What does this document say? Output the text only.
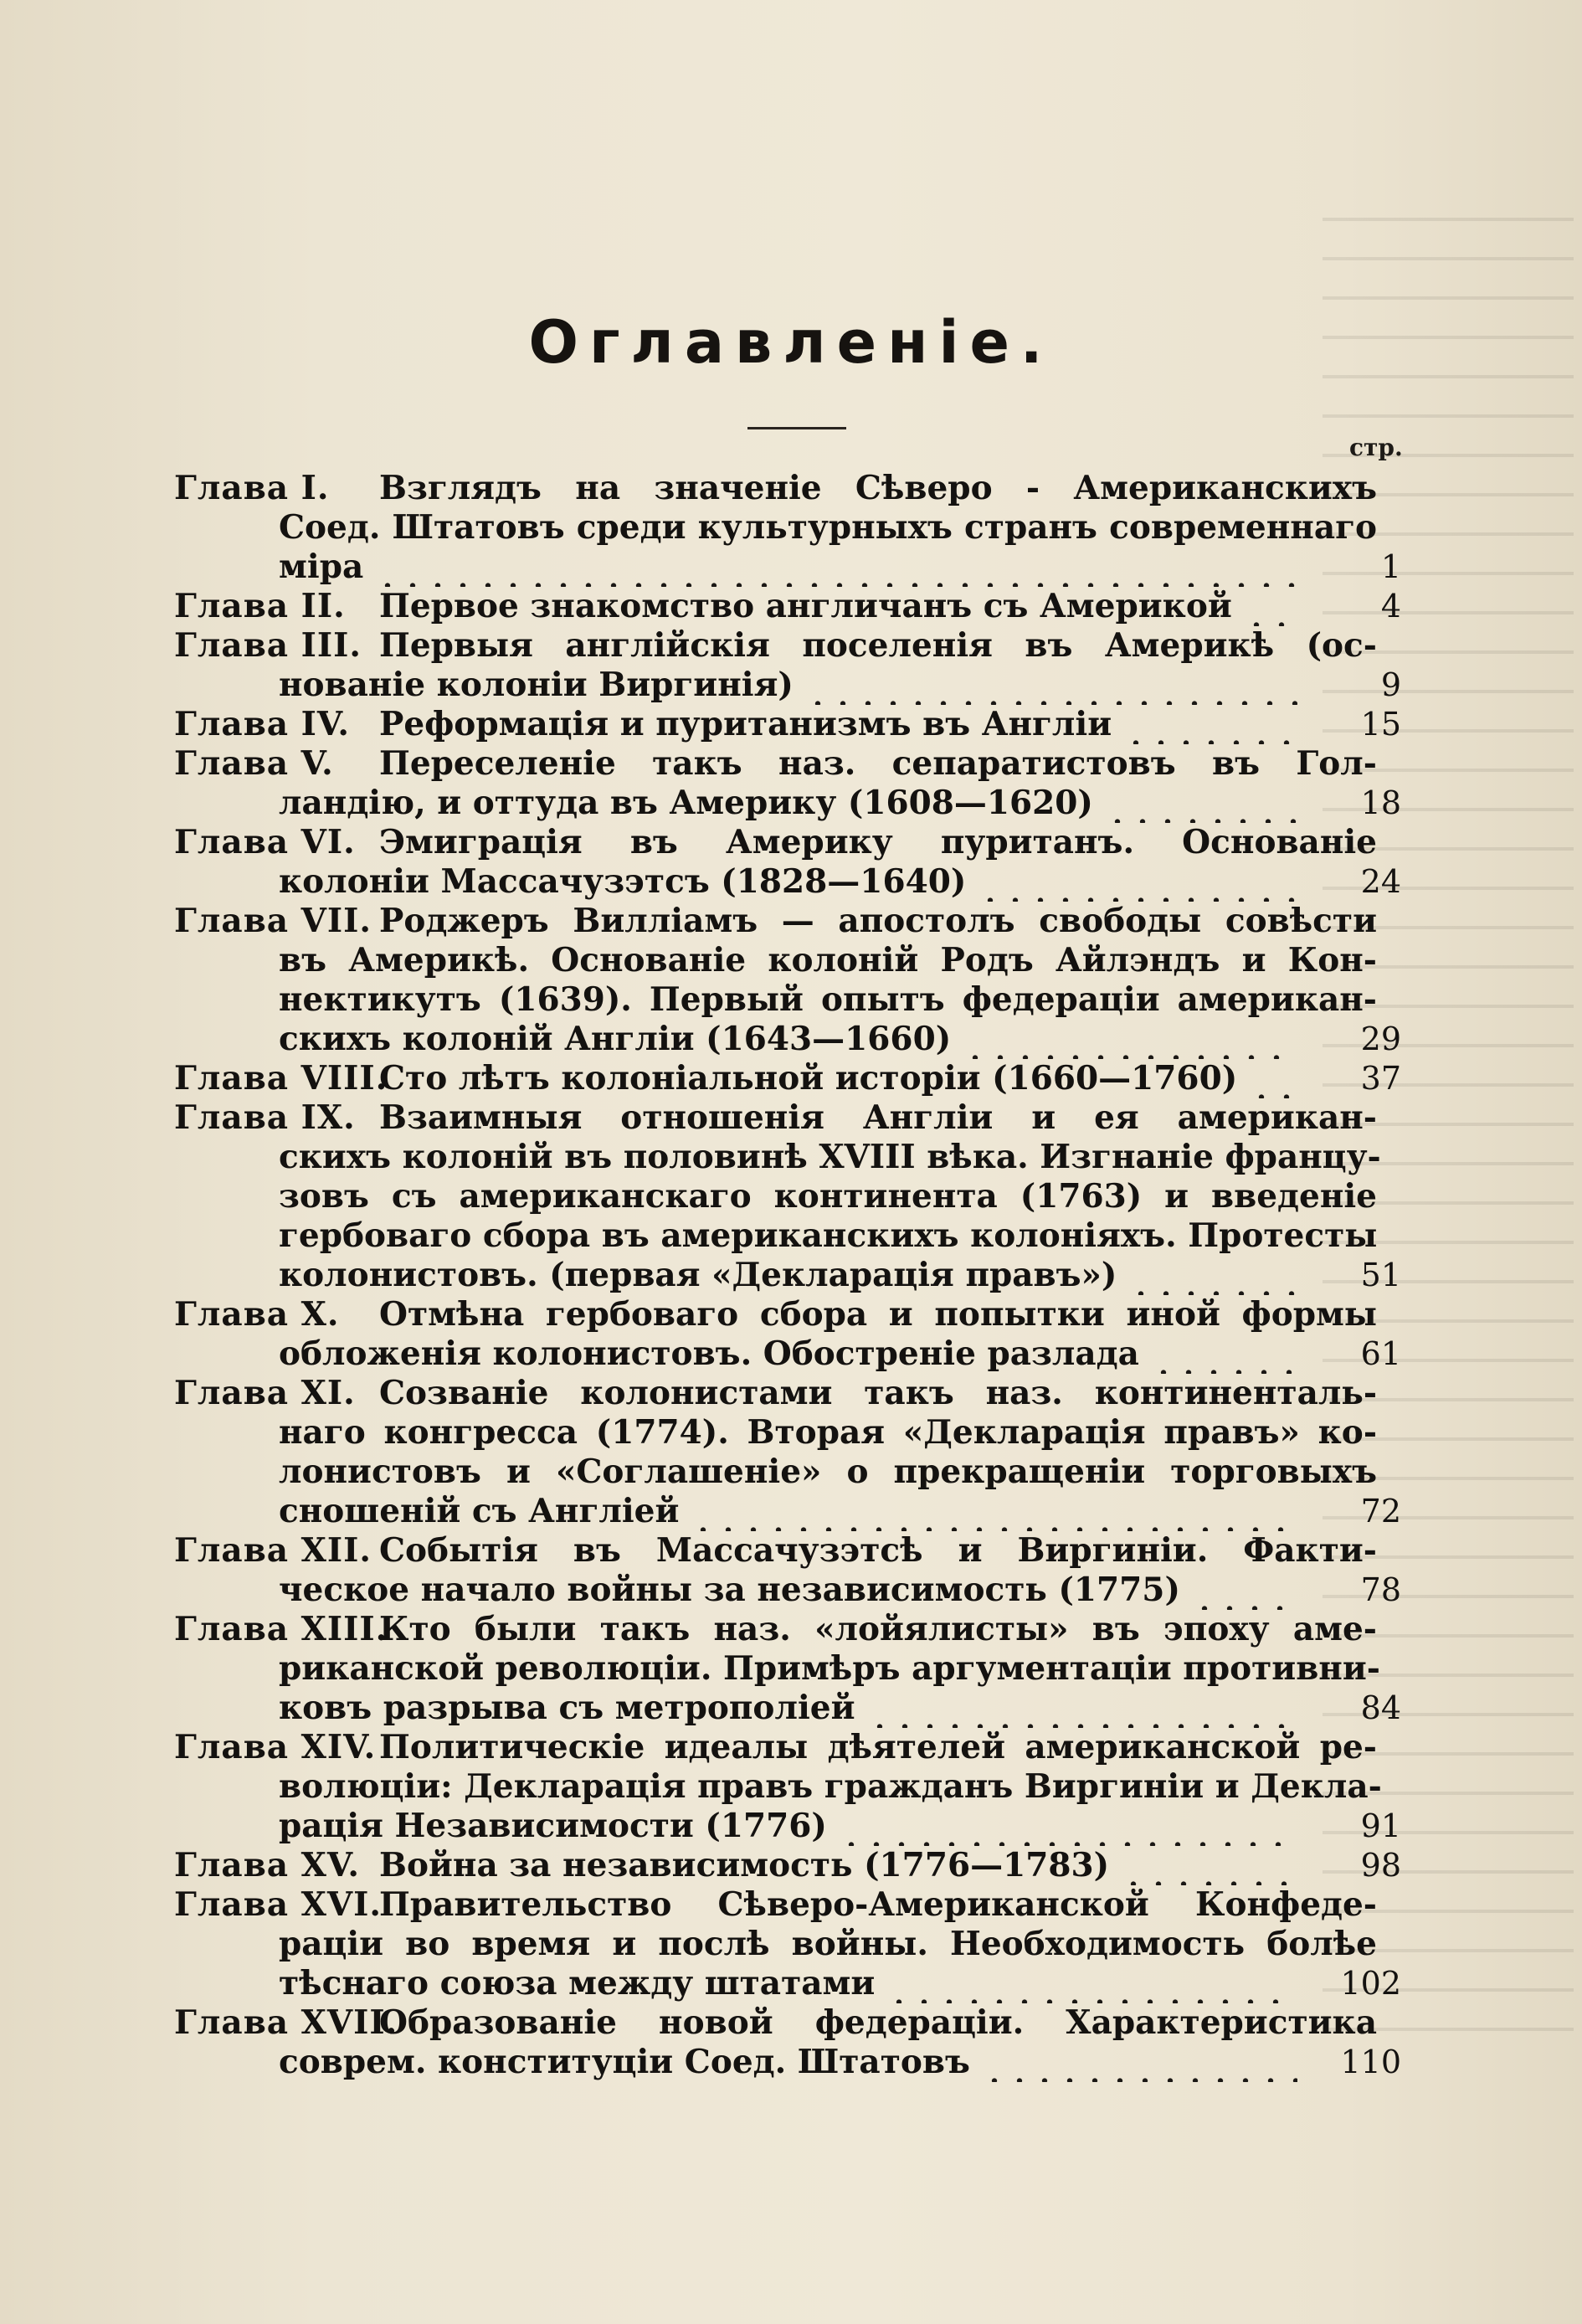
Оглавленіе.
стр.
Глава I. Взглядъ на значеніе Сѣверо - Американскихъ
Соед. Штатовъ среди культурныхъ странъ современнаго
міра	1
Глава II.	Первое знакомство англичанъ съ Америкой	4
Глава III. Первыя англійскія поселенія въ Америкѣ (ос-
нованіе колоніи Виргинія)	9
Глава IV. Реформація и пуританизмъ въ Англіи	15
Глава V. Переселеніе такъ наз. сепаратистовъ въ Гол-
ландію, и оттуда въ Америку (1608—1620)	18
Глава VI. Эмиграція въ Америку пуританъ. Основаніе
колоніи Массачузэтсъ (1828—1640)	24
Глава VII. Роджеръ Вилліамъ — апостолъ свободы совѣсти
въ Америкѣ. Основаніе колоній Родъ Айлэндъ и Кон-
нектикутъ (1639). Первый опытъ федераціи американ-
скихъ колоній Англіи (1643—1660)	29
Глава VIII.
Сто лѣтъ колоніальной исторіи (1660—1760)	37
Глава IX. Взаимныя отношенія Англіи и ея американ-
скихъ колоній въ половинѣ XVIII вѣка. Изгнаніе францу-
зовъ съ американскаго континента (1763) и введеніе
гербоваго сбора въ американскихъ колоніяхъ. Протесты
колонистовъ. (первая «Декларація правъ»)	51
Глава X. Отмѣна гербоваго сбора и попытки иной формы
обложенія колонистовъ. Обостреніе разлада	61
Глава XI. Созваніе колонистами такъ наз. континенталь-
наго конгресса (1774). Вторая «Декларація правъ» ко-
лонистовъ и «Соглашеніе» о прекращеніи торговыхъ
сношеній съ Англіей	72
Глава XII. Событія въ Массачузэтсѣ и Виргиніи. Факти-
ческое начало войны за независимость (1775)	78
Глава XIII.Кто были такъ наз. «лойялисты» въ эпоху аме-
риканской революціи. Примѣръ аргументаціи противни-
ковъ разрыва съ метрополіей	84
Глава XIV.Политическіе идеалы дѣятелей американской ре-
волюціи: Декларація правъ гражданъ Виргиніи и Декла-
рація Независимости (1776)	91
Глава XV. Война за независимость (1776—1783)	98
Глава XVI.Правительство Сѣверо-Американской Конфеде-
раціи во время и послѣ войны. Необходимость болѣе
тѣснаго союза между штатами	102
Глава XVII.Образованіе новой федераціи. Характеристика
соврем. конституціи Соед. Штатовъ	110
